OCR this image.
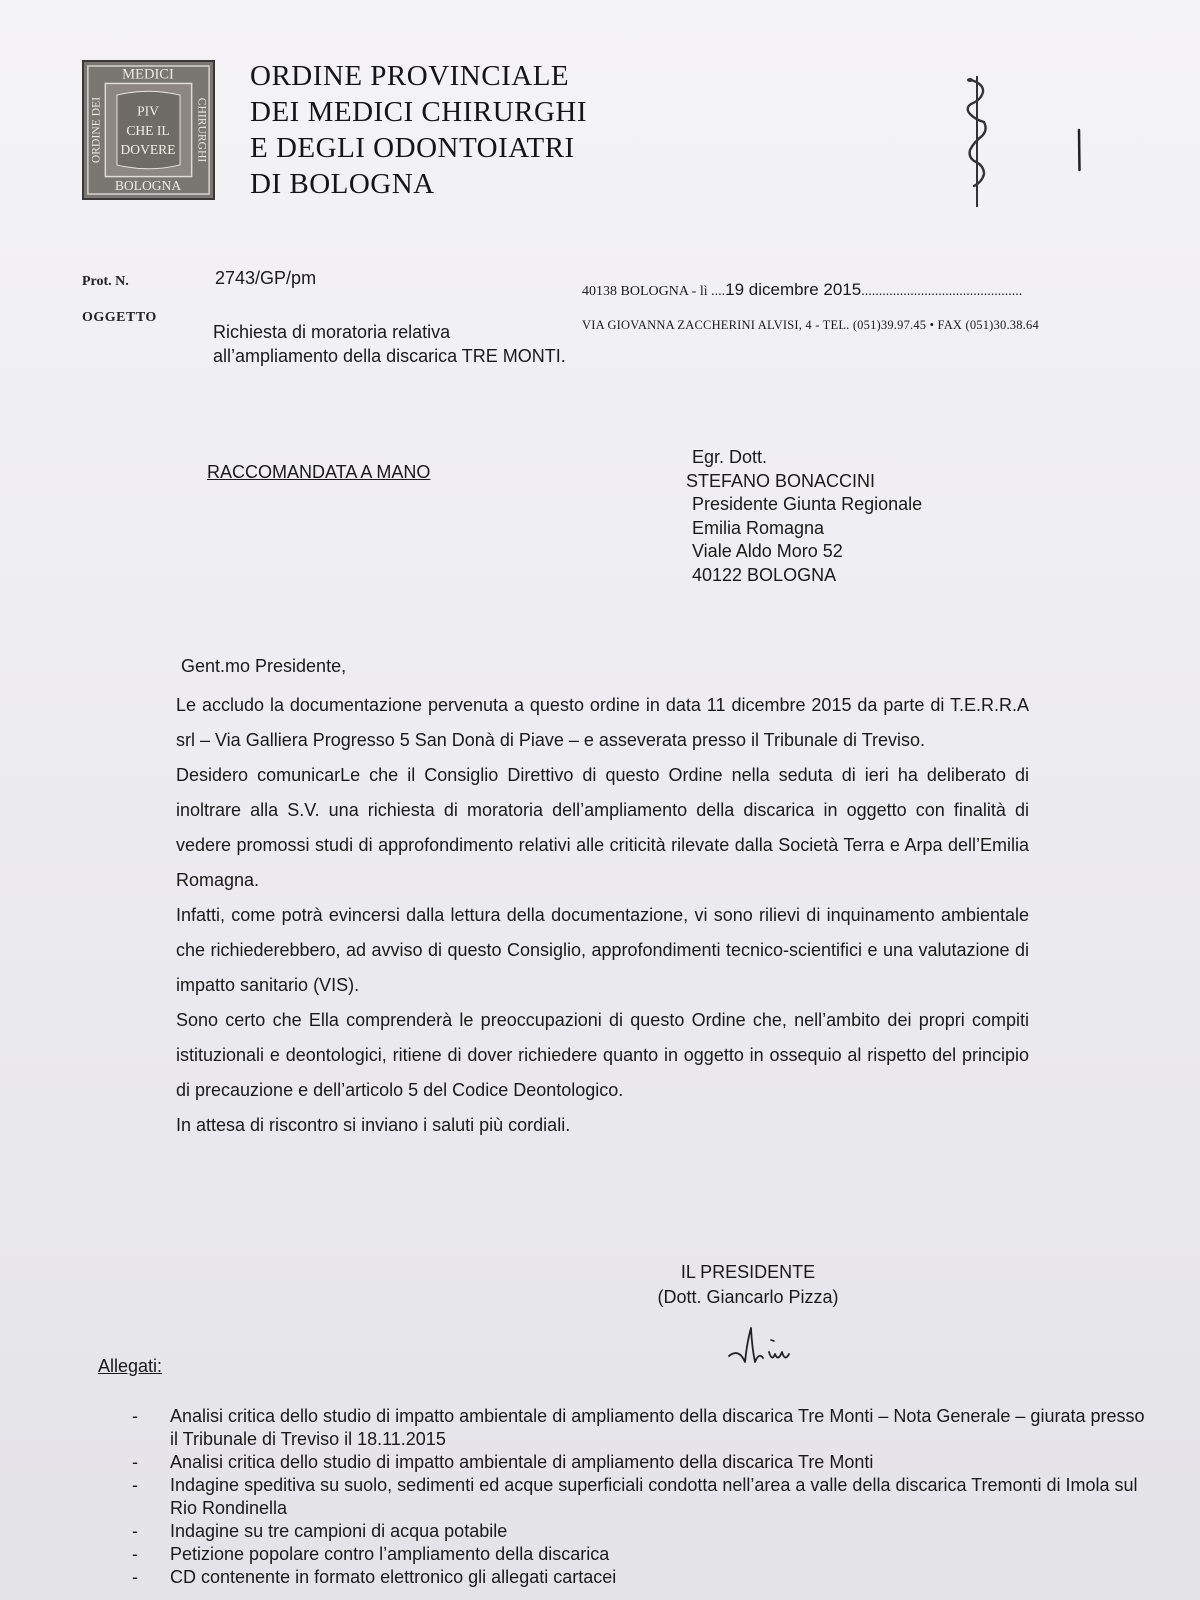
MEDICI
BOLOGNA
ORDINE DEI	CHIRURGHI
PIV
CHE IL
DOVERE
ORDINE PROVINCIALE
DEI MEDICI CHIRURGHI
E DEGLI ODONTOIATRI
DI BOLOGNA
Prot. N.	2743/GP/pm
OGGETTO
40138 BOLOGNA - lì ....19 dicembre 2015..............................................
VIA GIOVANNA ZACCHERINI ALVISI, 4 - TEL. (051)39.97.45 • FAX (051)30.38.64
Richiesta di moratoria relativa
all’ampliamento della discarica TRE MONTI.
RACCOMANDATA A MANO
Egr. Dott.
STEFANO BONACCINI
Presidente Giunta Regionale
Emilia Romagna
Viale Aldo Moro 52
40122 BOLOGNA
Gent.mo Presidente,

Le accludo la documentazione pervenuta a questo ordine in data 11 dicembre 2015 da parte di T.E.R.R.A srl – Via Galliera Progresso 5 San Donà di Piave – e asseverata presso il Tribunale di Treviso.

Desidero comunicarLe che il Consiglio Direttivo di questo Ordine nella seduta di ieri ha deliberato di inoltrare alla S.V. una richiesta di moratoria dell’ampliamento della discarica in oggetto con finalità di vedere promossi studi di approfondimento relativi alle criticità rilevate dalla Società Terra e Arpa dell’Emilia Romagna.

Infatti, come potrà evincersi dalla lettura della documentazione, vi sono rilievi di inquinamento ambientale che richiederebbero, ad avviso di questo Consiglio, approfondimenti tecnico-scientifici e una valutazione di impatto sanitario (VIS).

Sono certo che Ella comprenderà le preoccupazioni di questo Ordine che, nell’ambito dei propri compiti istituzionali e deontologici, ritiene di dover richiedere quanto in oggetto in ossequio al rispetto del principio di precauzione e dell’articolo 5 del Codice Deontologico.

In attesa di riscontro si inviano i saluti più cordiali.

IL PRESIDENTE
(Dott. Giancarlo Pizza)
Allegati:
- Analisi critica dello studio di impatto ambientale di ampliamento della discarica Tre Monti – Nota Generale – giurata presso il Tribunale di Treviso il 18.11.2015
- Analisi critica dello studio di impatto ambientale di ampliamento della discarica Tre Monti
- Indagine speditiva su suolo, sedimenti ed acque superficiali condotta nell’area a valle della discarica Tremonti di Imola sul Rio Rondinella
- Indagine su tre campioni di acqua potabile
- Petizione popolare contro l’ampliamento della discarica
- CD contenente in formato elettronico gli allegati cartacei
